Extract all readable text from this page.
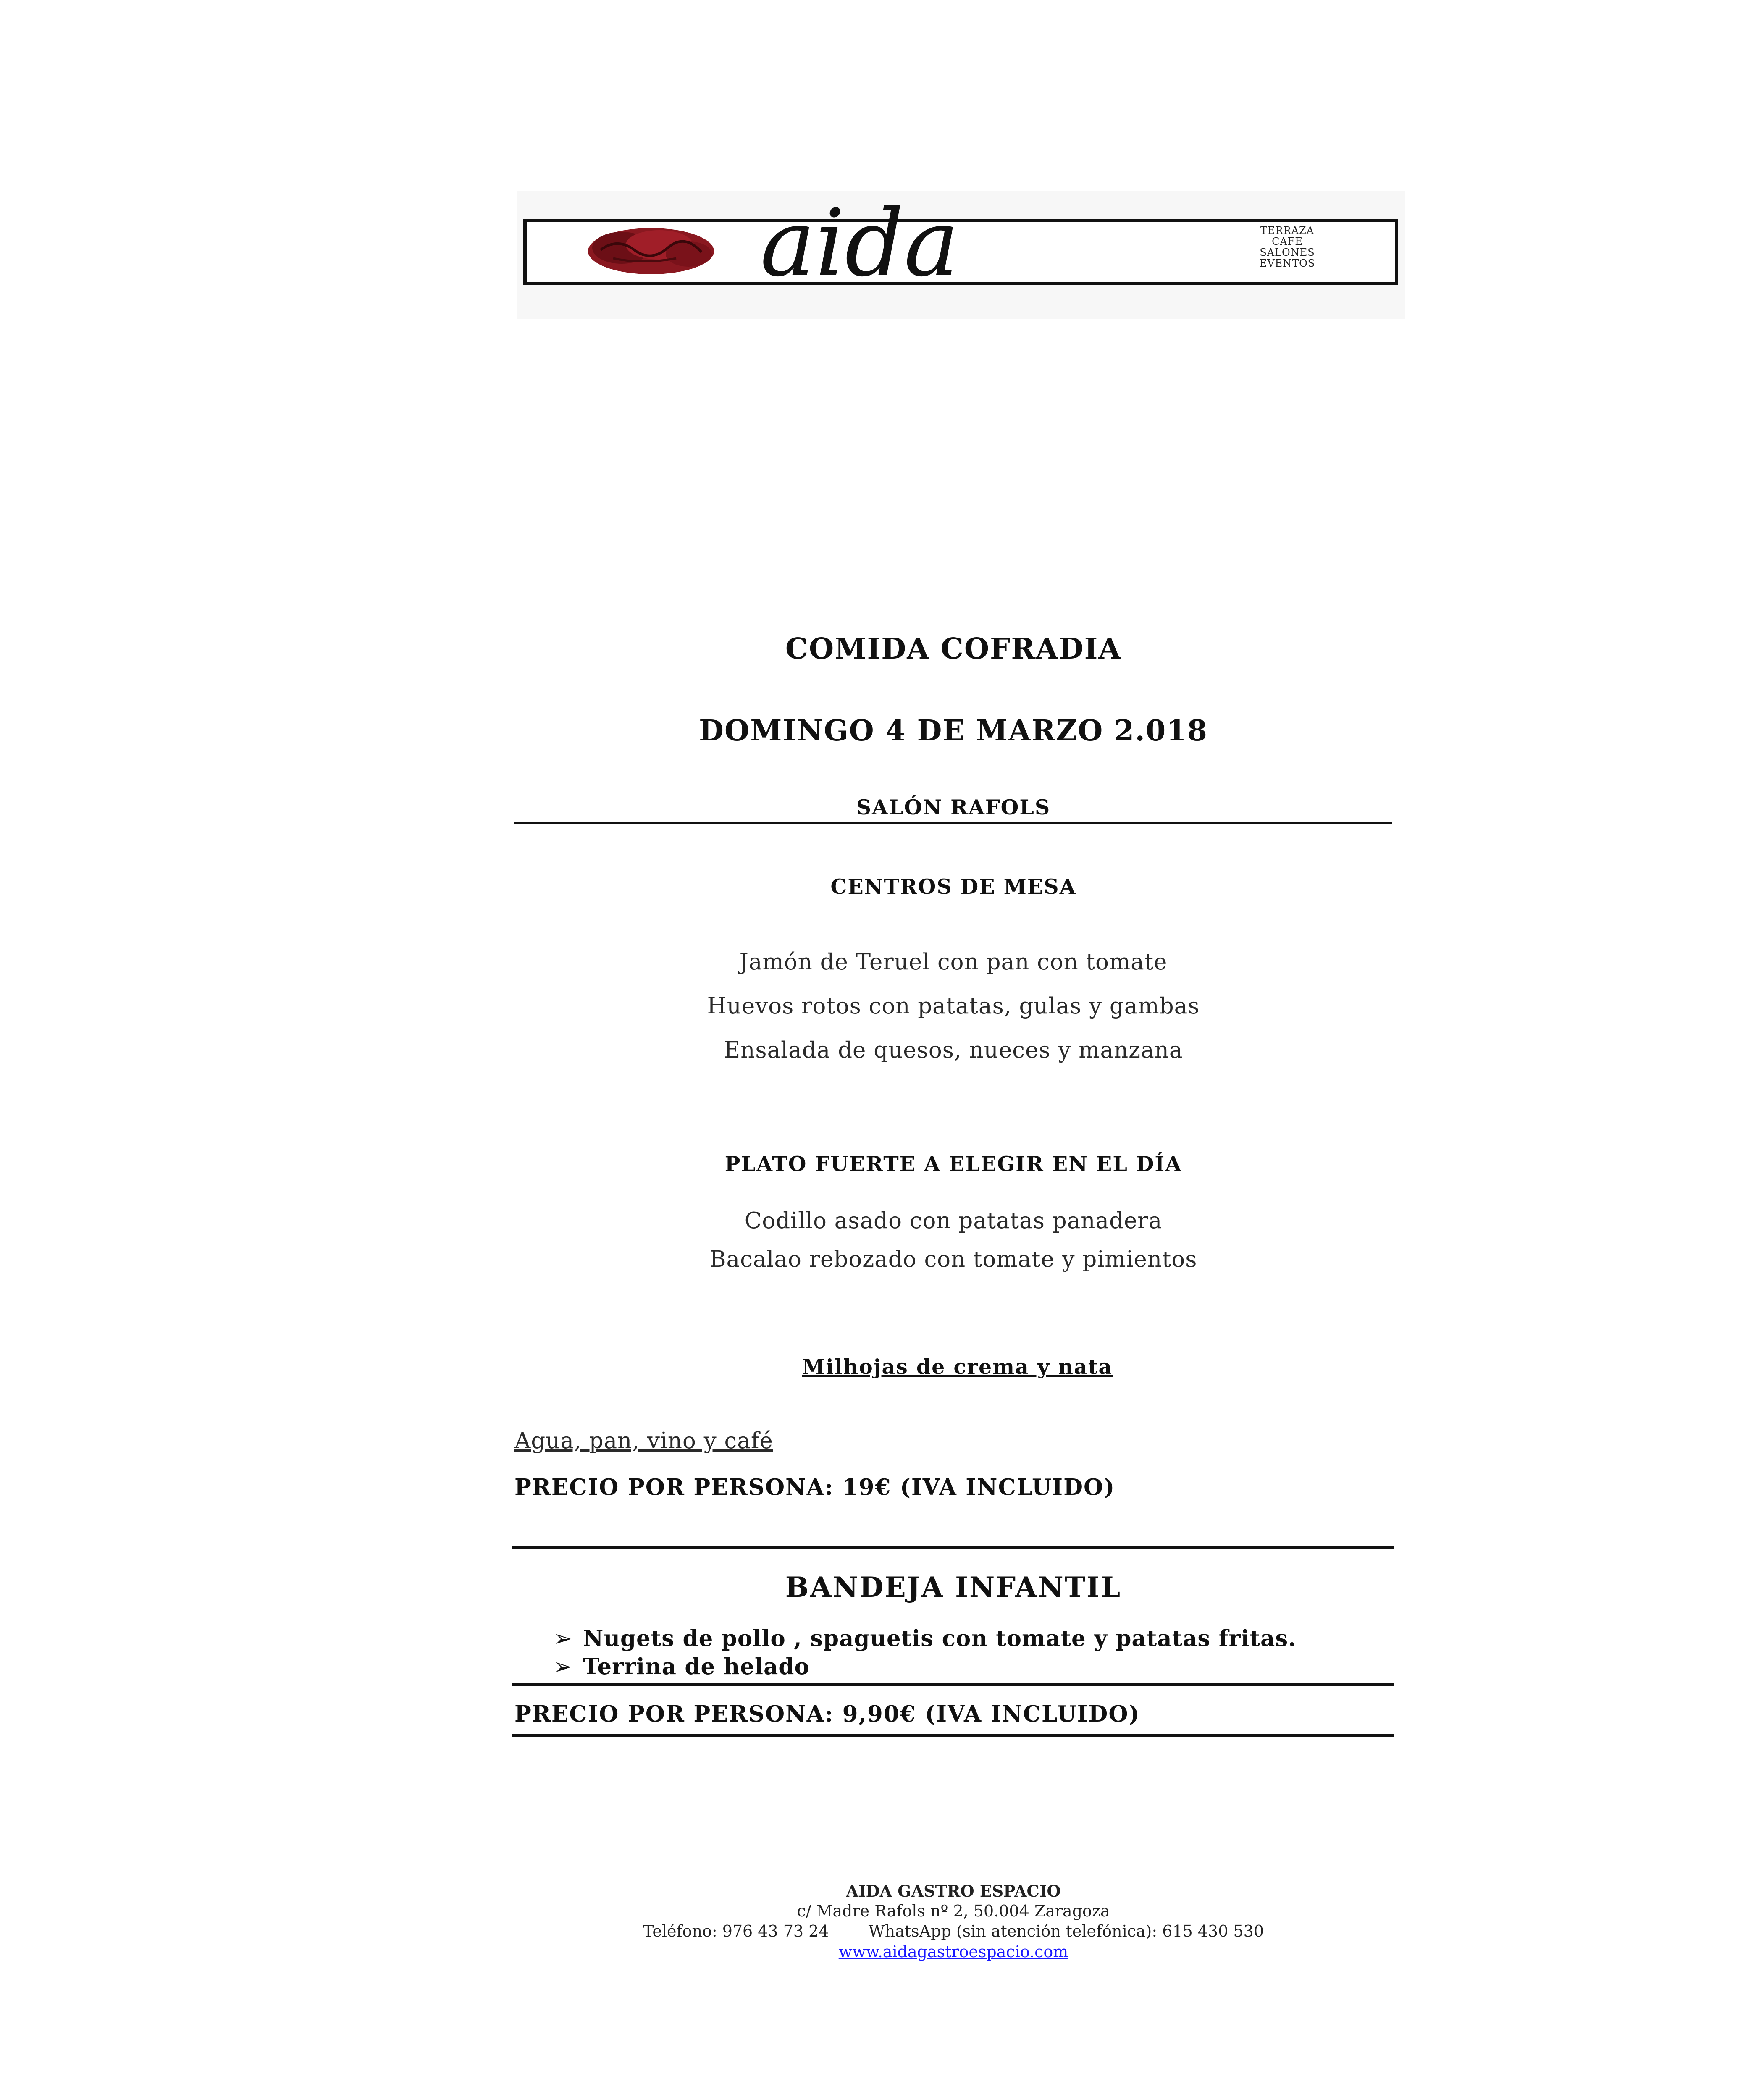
aida	TERRAZA
CAFE
SALONES
EVENTOS
COMIDA COFRADIA
DOMINGO 4 DE MARZO 2.018
SALÓN RAFOLS
CENTROS DE MESA
Jamón de Teruel con pan con tomate
Huevos rotos con patatas, gulas y gambas
Ensalada de quesos, nueces y manzana
PLATO FUERTE A ELEGIR EN EL DÍA
Codillo asado con patatas panadera
Bacalao rebozado con tomate y pimientos
Milhojas de crema y nata
Agua, pan, vino y café
PRECIO POR PERSONA: 19€ (IVA INCLUIDO)
BANDEJA INFANTIL
➢ Nugets de pollo , spaguetis con tomate y patatas fritas.
➢ Terrina de helado
PRECIO POR PERSONA: 9,90€ (IVA INCLUIDO)
AIDA GASTRO ESPACIO
c/ Madre Rafols nº 2, 50.004 Zaragoza
Teléfono: 976 43 73 24 WhatsApp (sin atención telefónica): 615 430 530
www.aidagastroespacio.com
